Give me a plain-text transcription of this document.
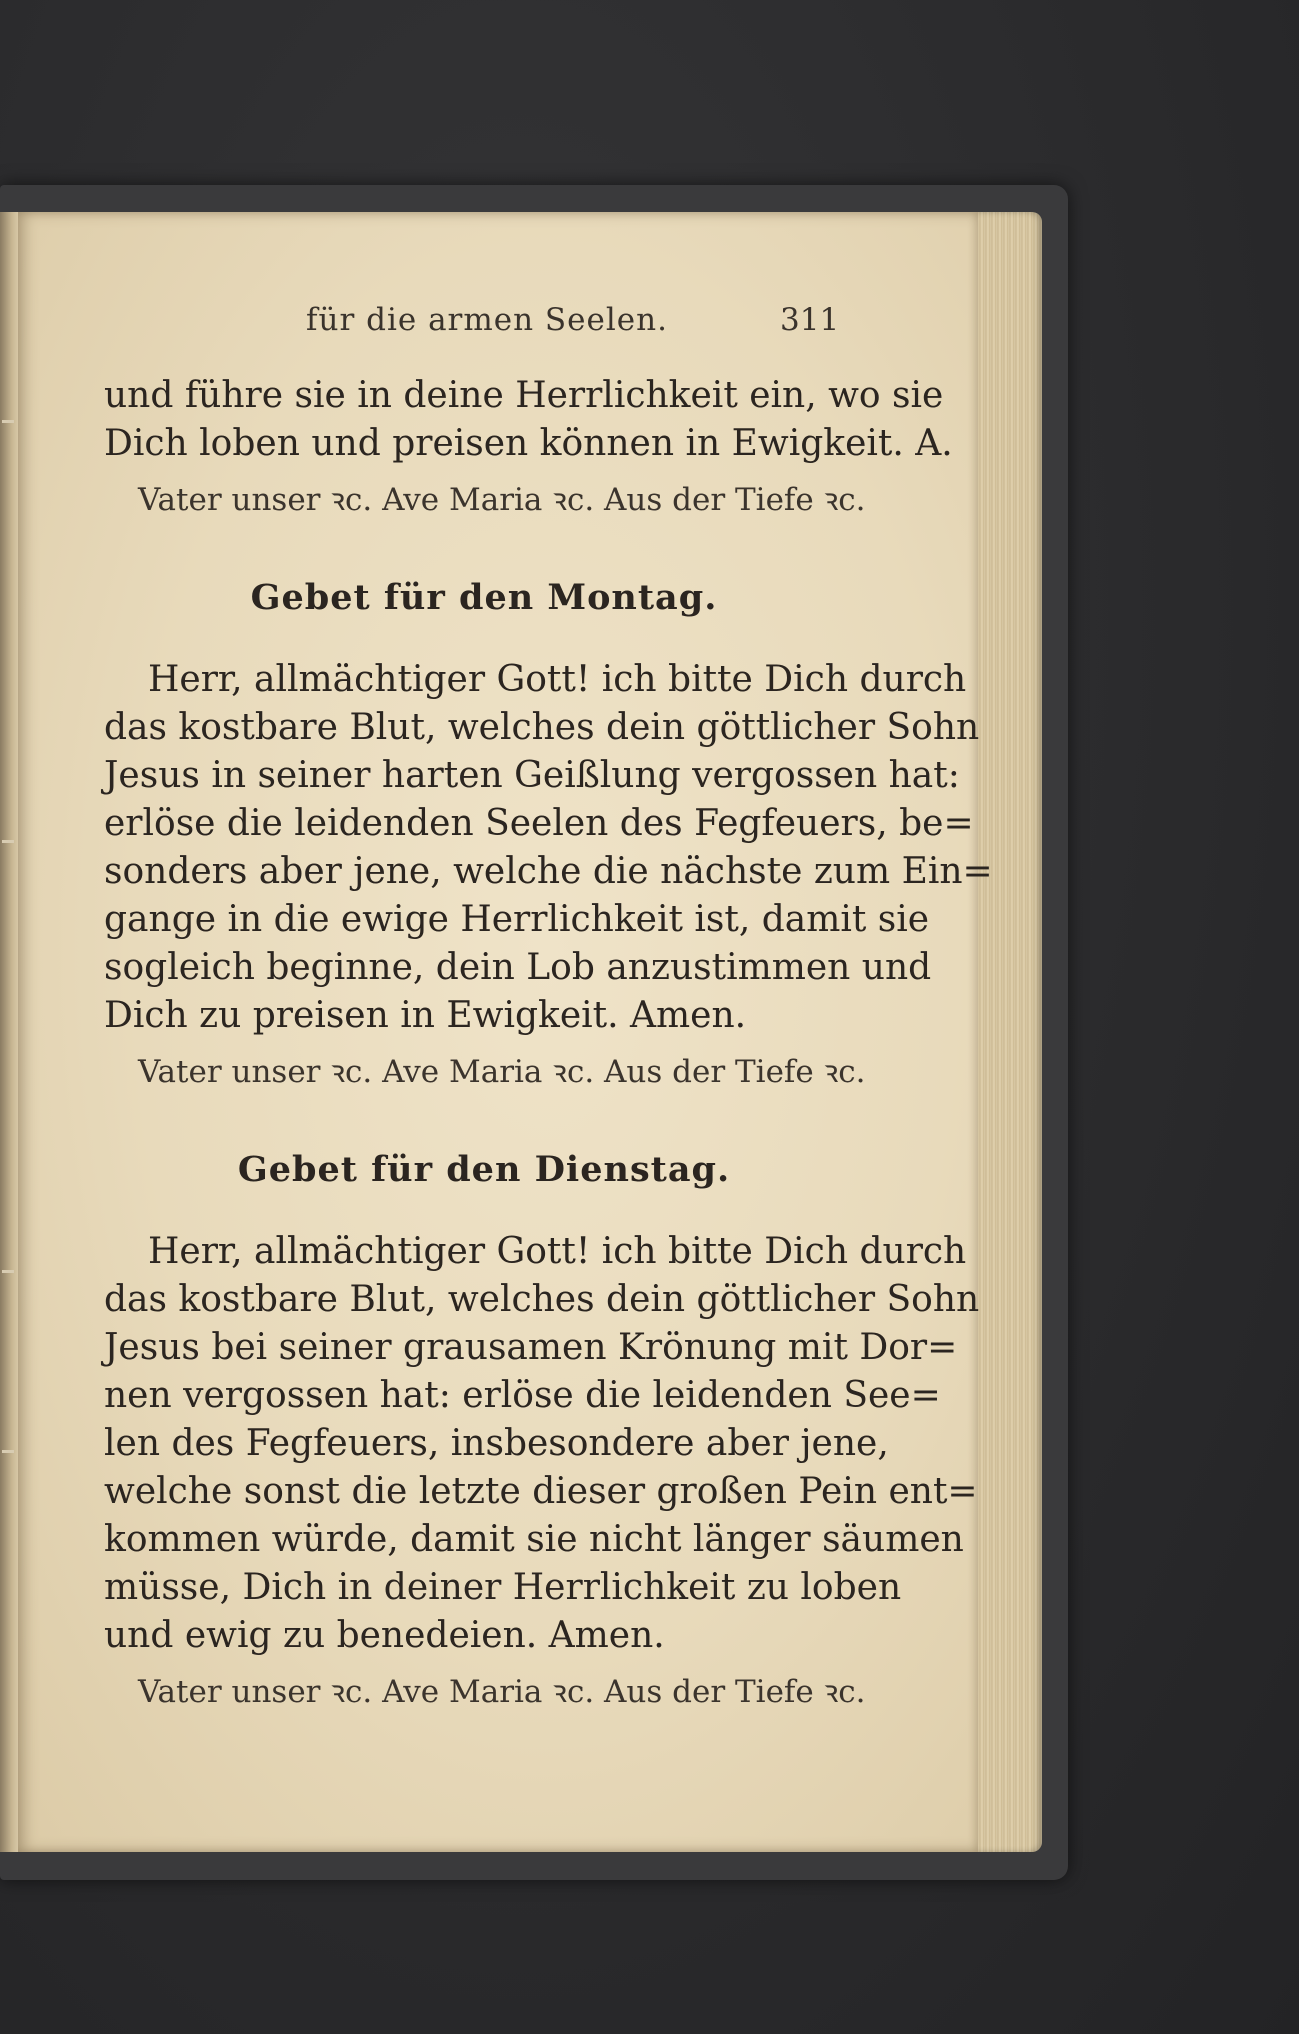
für die armen Seelen.	311
und führe sie in deine Herrlichkeit ein, wo sie
Dich loben und preisen können in Ewigkeit. A.
Vater unser ꝛc. Ave Maria ꝛc. Aus der Tiefe ꝛc.
Gebet für den Montag.
Herr, allmächtiger Gott! ich bitte Dich durch
das kostbare Blut, welches dein göttlicher Sohn
Jesus in seiner harten Geißlung vergossen hat:
erlöse die leidenden Seelen des Fegfeuers, be=
sonders aber jene, welche die nächste zum Ein=
gange in die ewige Herrlichkeit ist, damit sie
sogleich beginne, dein Lob anzustimmen und
Dich zu preisen in Ewigkeit. Amen.
Vater unser ꝛc. Ave Maria ꝛc. Aus der Tiefe ꝛc.
Gebet für den Dienstag.
Herr, allmächtiger Gott! ich bitte Dich durch
das kostbare Blut, welches dein göttlicher Sohn
Jesus bei seiner grausamen Krönung mit Dor=
nen vergossen hat: erlöse die leidenden See=
len des Fegfeuers, insbesondere aber jene,
welche sonst die letzte dieser großen Pein ent=
kommen würde, damit sie nicht länger säumen
müsse, Dich in deiner Herrlichkeit zu loben
und ewig zu benedeien. Amen.
Vater unser ꝛc. Ave Maria ꝛc. Aus der Tiefe ꝛc.
